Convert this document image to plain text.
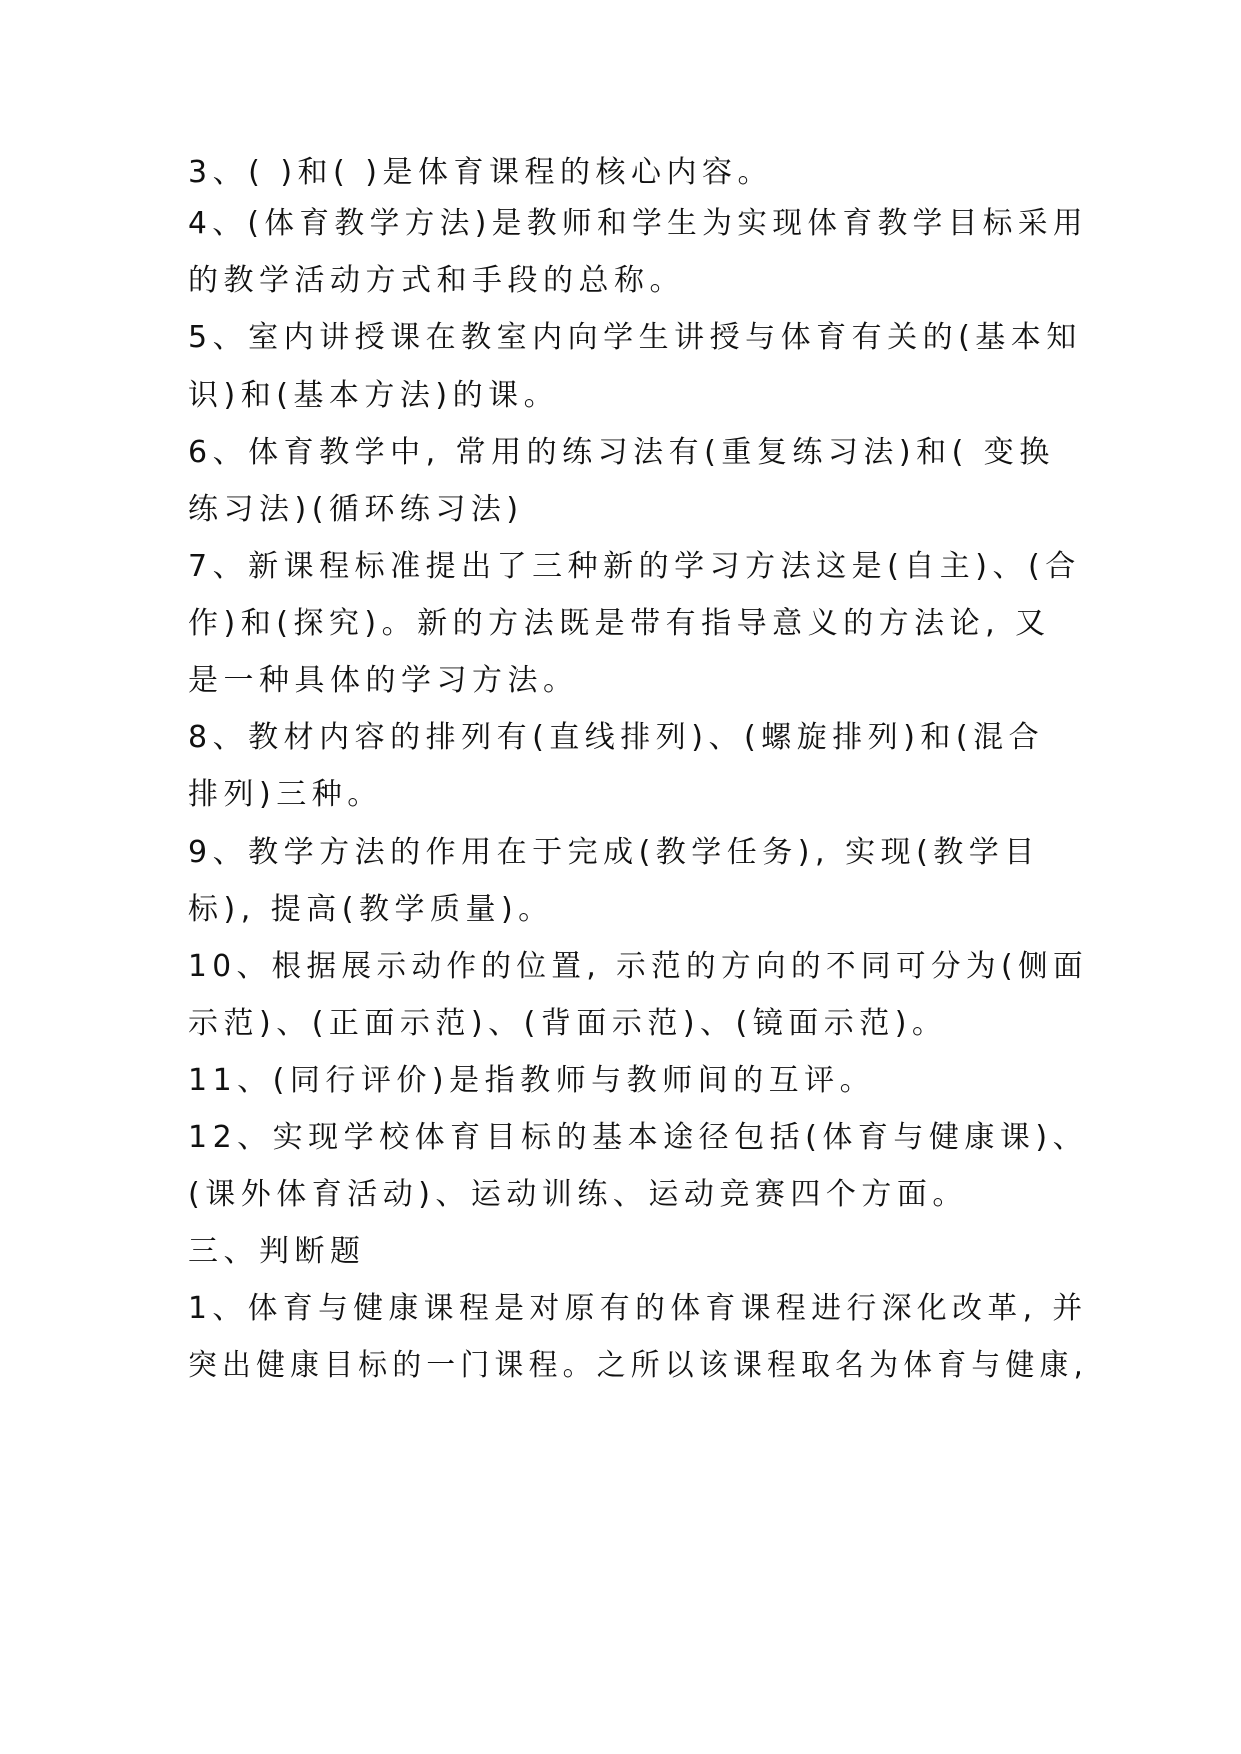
3、( )和( )是体育课程的核心内容。
4、(体育教学方法)是教师和学生为实现体育教学目标采用
的教学活动方式和手段的总称。
5、室内讲授课在教室内向学生讲授与体育有关的(基本知
识)和(基本方法)的课。
6、体育教学中, 常用的练习法有(重复练习法)和( 变换
练习法)(循环练习法)
7、新课程标准提出了三种新的学习方法这是(自主)、(合
作)和(探究)。新的方法既是带有指导意义的方法论, 又
是一种具体的学习方法。
8、教材内容的排列有(直线排列)、(螺旋排列)和(混合
排列)三种。
9、教学方法的作用在于完成(教学任务), 实现(教学目
标), 提高(教学质量)。
10、根据展示动作的位置, 示范的方向的不同可分为(侧面
示范)、(正面示范)、(背面示范)、(镜面示范)。
11、(同行评价)是指教师与教师间的互评。
12、实现学校体育目标的基本途径包括(体育与健康课)、
(课外体育活动)、运动训练、运动竞赛四个方面。
三、判断题
1、体育与健康课程是对原有的体育课程进行深化改革, 并
突出健康目标的一门课程。之所以该课程取名为体育与健康,
